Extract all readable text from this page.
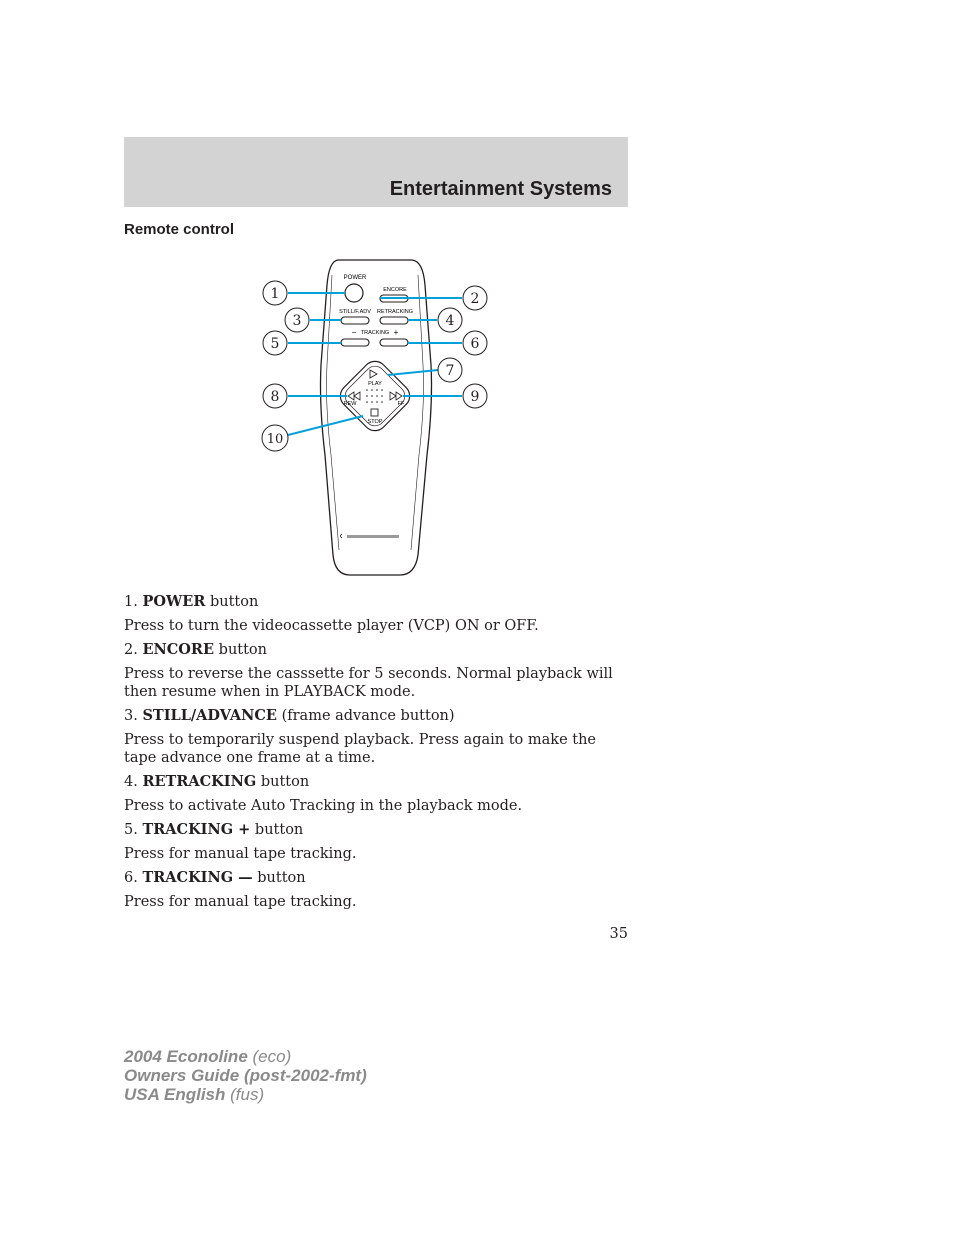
Entertainment Systems
Remote control
POWER
ENCORE
STILL/F.ADV RETRACKING
− TRACKING +
PLAY
REW	FF
STOP
1	2
3	4
5	6
7
8	9
10

1. POWER button

Press to turn the videocassette player (VCP) ON or OFF.

2. ENCORE button

Press to reverse the casssette for 5 seconds. Normal playback will then resume when in PLAYBACK mode.

3. STILL/ADVANCE (frame advance button)

Press to temporarily suspend playback. Press again to make the tape advance one frame at a time.

4. RETRACKING button

Press to activate Auto Tracking in the playback mode.

5. TRACKING + button

Press for manual tape tracking.

6. TRACKING — button

Press for manual tape tracking.

35
2004 Econoline (eco)
Owners Guide (post-2002-fmt)
USA English (fus)
